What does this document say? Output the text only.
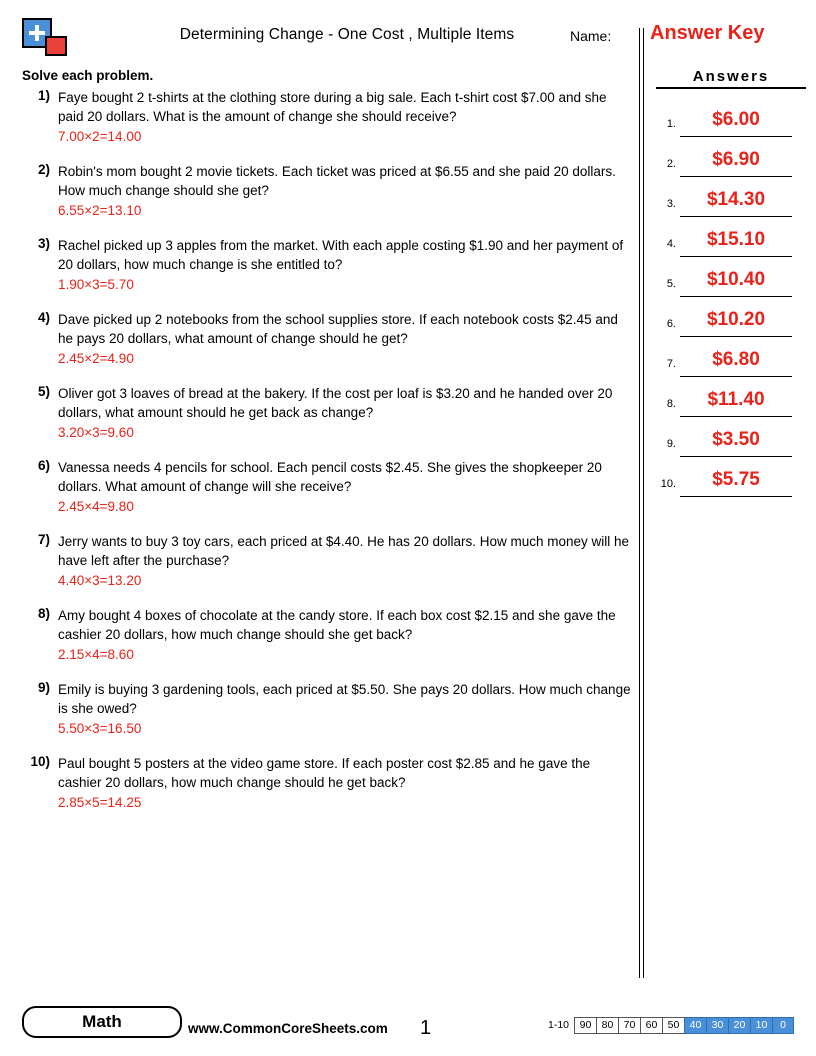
Determining Change - One Cost , Multiple Items	Name: Answer Key
Solve each problem.
1) Faye bought 2 t-shirts at the clothing store during a big sale. Each t-shirt cost $7.00 and she paid 20 dollars. What is the amount of change she should receive?
7.00×2=14.00
2) Robin's mom bought 2 movie tickets. Each ticket was priced at $6.55 and she paid 20 dollars. How much change should she get?
6.55×2=13.10
3) Rachel picked up 3 apples from the market. With each apple costing $1.90 and her payment of 20 dollars, how much change is she entitled to?
1.90×3=5.70
4) Dave picked up 2 notebooks from the school supplies store. If each notebook costs $2.45 and he pays 20 dollars, what amount of change should he get?
2.45×2=4.90
5) Oliver got 3 loaves of bread at the bakery. If the cost per loaf is $3.20 and he handed over 20 dollars, what amount should he get back as change?
3.20×3=9.60
6) Vanessa needs 4 pencils for school. Each pencil costs $2.45. She gives the shopkeeper 20 dollars. What amount of change will she receive?
2.45×4=9.80
7) Jerry wants to buy 3 toy cars, each priced at $4.40. He has 20 dollars. How much money will he have left after the purchase?
4.40×3=13.20
8) Amy bought 4 boxes of chocolate at the candy store. If each box cost $2.15 and she gave the cashier 20 dollars, how much change should she get back?
2.15×4=8.60
9) Emily is buying 3 gardening tools, each priced at $5.50. She pays 20 dollars. How much change is she owed?
5.50×3=16.50
10) Paul bought 5 posters at the video game store. If each poster cost $2.85 and he gave the cashier 20 dollars, how much change should he get back?
2.85×5=14.25
Answers
1.	$6.00
2.	$6.90
3.	$14.30
4.	$15.10
5.	$10.40
6.	$10.20
7.	$6.80
8.	$11.40
9.	$3.50
10.	$5.75
Math	www.CommonCoreSheets.com 1	1-10	90 80 70 60 50 40 30 20 10	0
